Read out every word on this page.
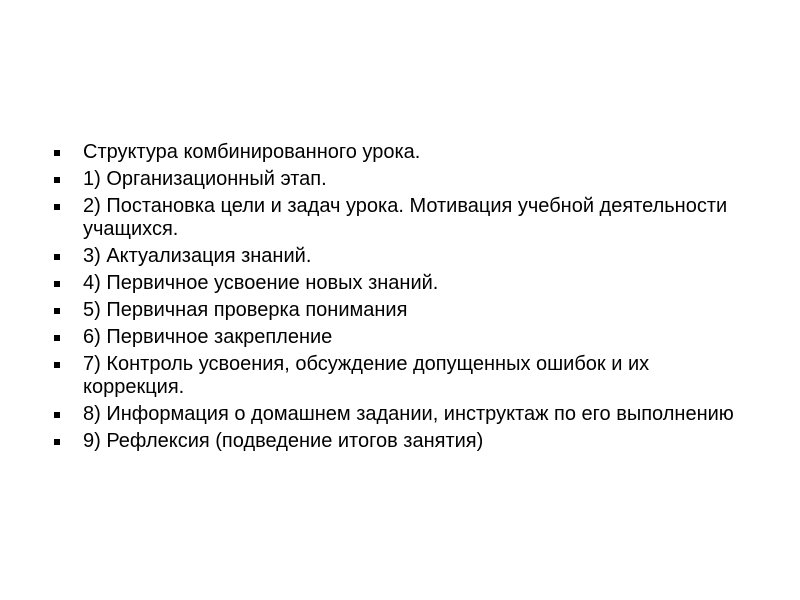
Структура комбинированного урока.
1) Организационный этап.
2) Постановка цели и задач урока. Мотивация учебной деятельности учащихся.
3) Актуализация знаний.
4) Первичное усвоение новых знаний.
5) Первичная проверка понимания
6) Первичное закрепление
7) Контроль усвоения, обсуждение допущенных ошибок и их коррекция.
8) Информация о домашнем задании, инструктаж по его выполнению
9) Рефлексия (подведение итогов занятия)
